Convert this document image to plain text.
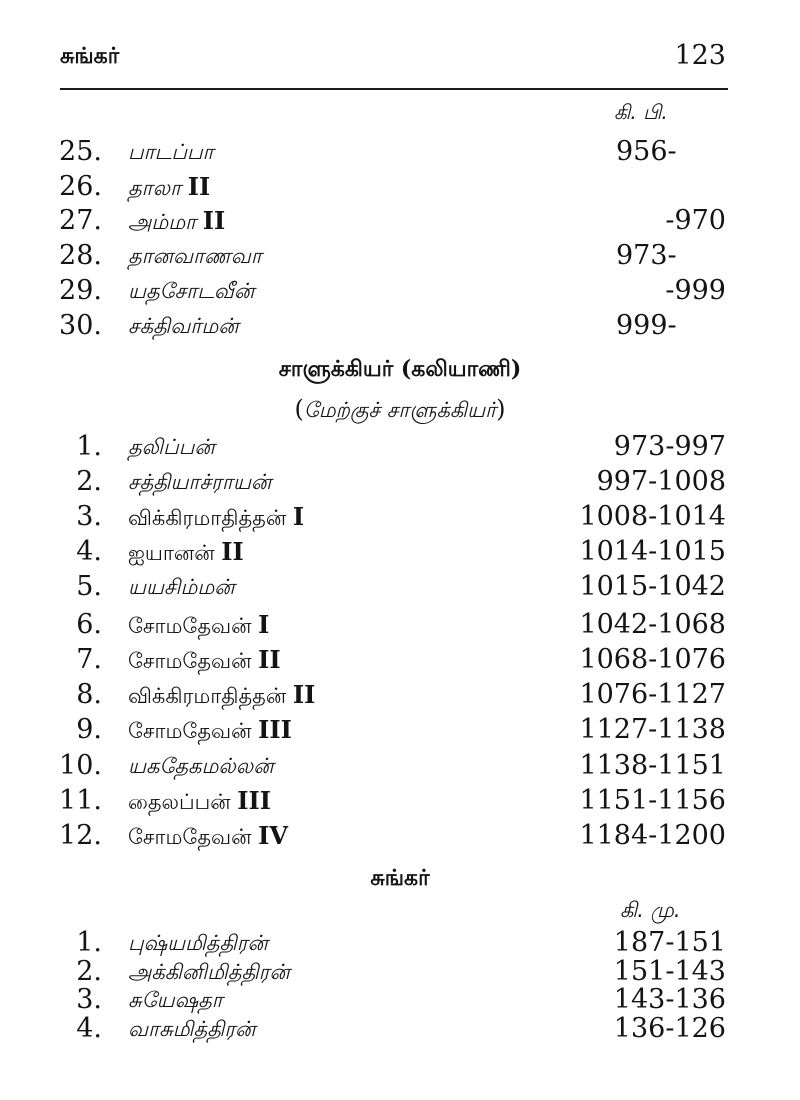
சுங்கர்	123
கி. பி.
25. பாடப்பா	956-
26. தாலா II
27. அம்மா II	-970
28. தானவாணவா	973-
29. யதசோடவீன்	-999
30. சக்திவர்மன்	999-
சாளுக்கியர் (கலியாணி)
(மேற்குச் சாளுக்கியர்)
1. தலிப்பன்	973-997
2. சத்தியாச்ராயன்	997-1008
3. விக்கிரமாதித்தன் I	1008-1014
4. ஐயானன் II	1014-1015
5. யயசிம்மன்	1015-1042
6. சோமதேவன் I	1042-1068
7. சோமதேவன் II	1068-1076
8. விக்கிரமாதித்தன் II	1076-1127
9. சோமதேவன் III	1127-1138
10. யகதேகமல்லன்	1138-1151
11. தைலப்பன் III	1151-1156
12. சோமதேவன் IV	1184-1200
சுங்கர்
கி. மு.
1. புஷ்யமித்திரன்	187-151
2. அக்கினிமித்திரன்	151-143
3. சுயேஷதா	143-136
4. வாசுமித்திரன்	136-126
